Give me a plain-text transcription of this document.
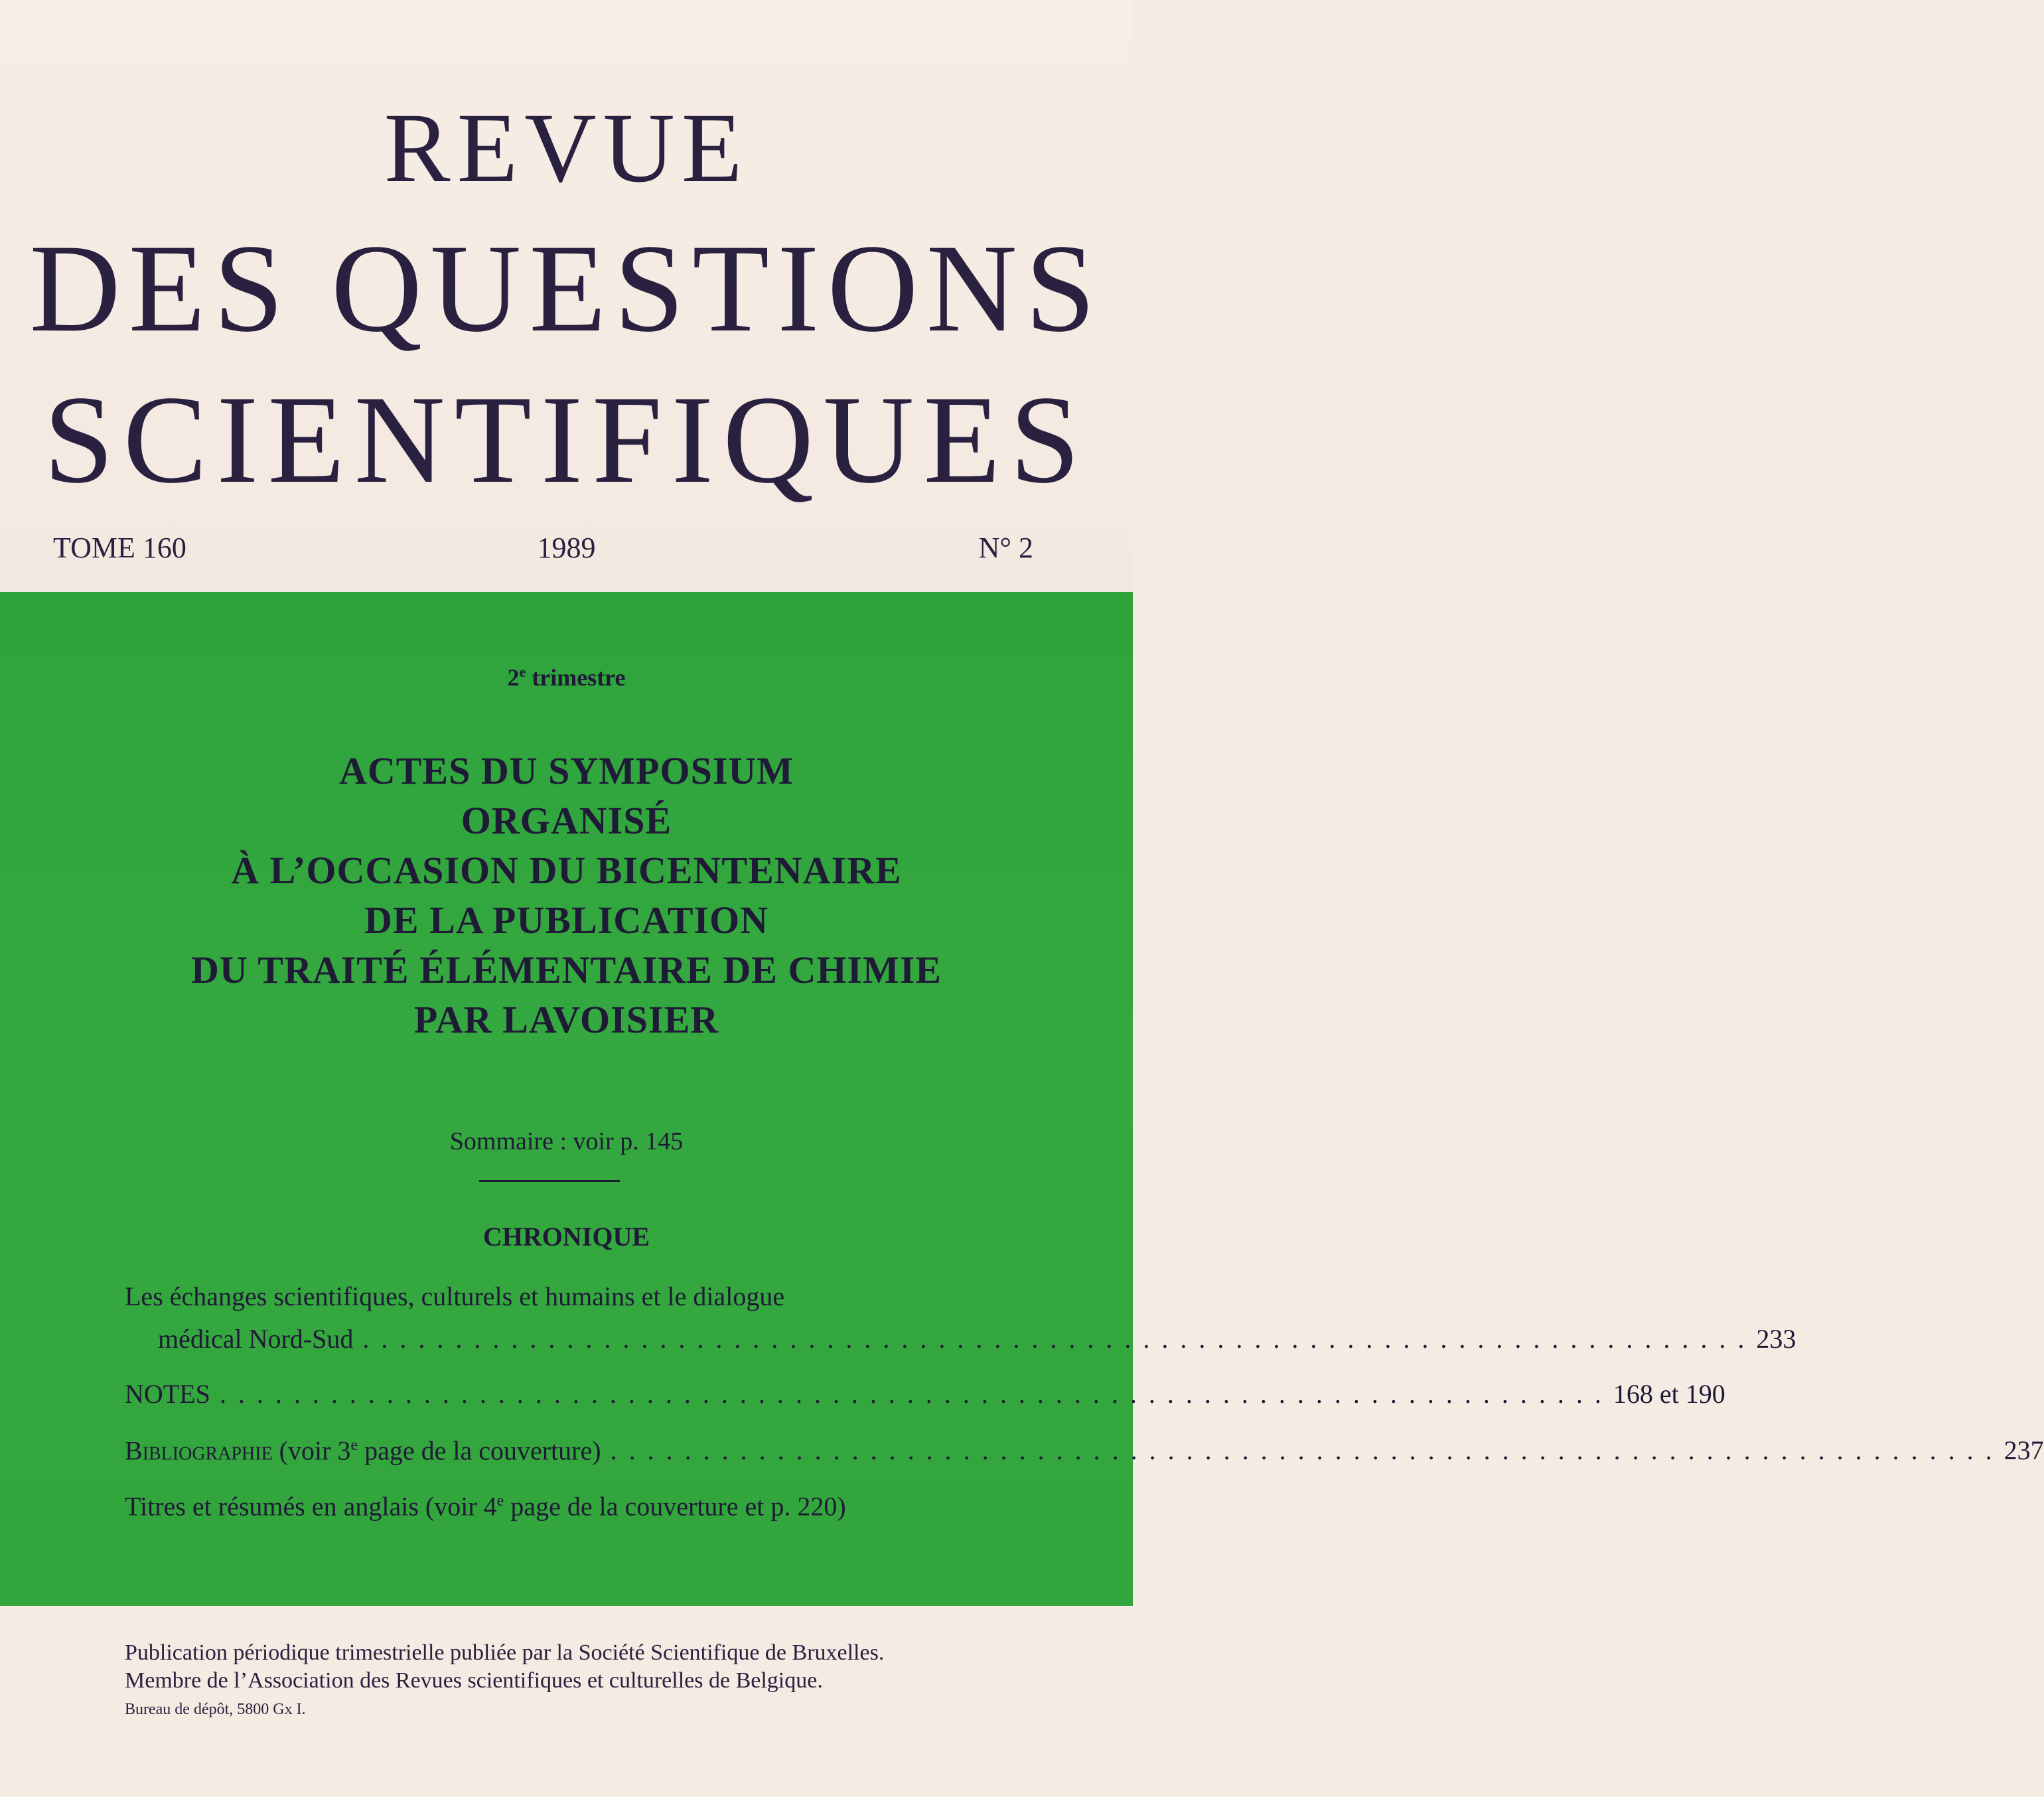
REVUE
DES QUESTIONS
SCIENTIFIQUES
1989
TOME 160	N° 2
2e trimestre
ACTES DU SYMPOSIUM
ORGANISÉ
À L’OCCASION DU BICENTENAIRE
DE LA PUBLICATION
DU TRAITÉ ÉLÉMENTAIRE DE CHIMIE
PAR LAVOISIER
Sommaire : voir p. 145
CHRONIQUE
Les échanges scientifiques, culturels et humains et le dialogue
médical Nord-Sud . . . . . . . . . . . . . . . . . . . . . . . . . . . . . . . . . . . . . . . . . . . . . . . . . . . . . . . . . . . . . . . . . . . . . . . . . . . 233
NOTES . . . . . . . . . . . . . . . . . . . . . . . . . . . . . . . . . . . . . . . . . . . . . . . . . . . . . . . . . . . . . . . . . . . . . . . . . . . 168 et 190
Bibliographie (voir 3e page de la couverture) . . . . . . . . . . . . . . . . . . . . . . . . . . . . . . . . . . . . . . . . . . . . . . . . . . . . . . . . . . . . . . . . . . . . . . . . . . . 237
Titres et résumés en anglais (voir 4e page de la couverture et p. 220)
Publication périodique trimestrielle publiée par la Société Scientifique de Bruxelles.
Membre de l’Association des Revues scientifiques et culturelles de Belgique.
Bureau de dépôt, 5800 Gx I.
